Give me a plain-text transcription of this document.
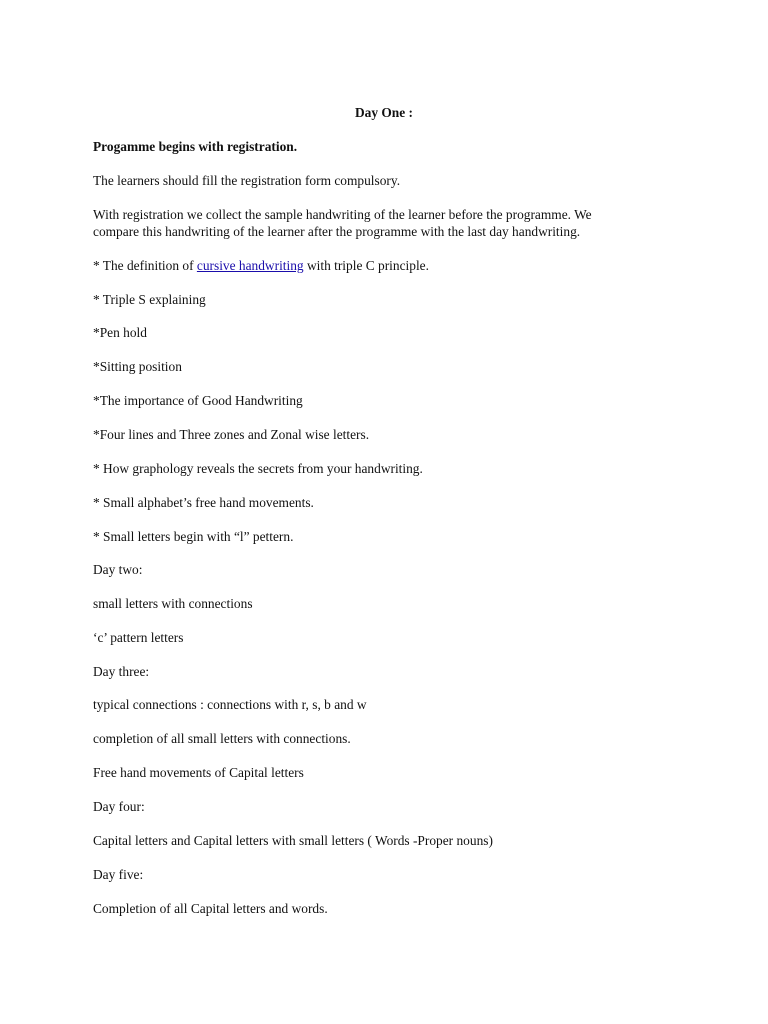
Day One :
Progamme begins with registration.
The learners should fill the registration form compulsory.
With registration we collect the sample handwriting of the learner before the programme. We
compare this handwriting of the learner after the programme with the last day handwriting.
* The definition of cursive handwriting with triple C principle.
* Triple S explaining
*Pen hold
*Sitting position
*The importance of Good Handwriting
*Four lines and Three zones and Zonal wise letters.
* How graphology reveals the secrets from your handwriting.
* Small alphabet’s free hand movements.
* Small letters begin with “l” pettern.
Day two:
small letters with connections
‘c’ pattern letters
Day three:
typical connections : connections with r, s, b and w
completion of all small letters with connections.
Free hand movements of Capital letters
Day four:
Capital letters and Capital letters with small letters ( Words -Proper nouns)
Day five:
Completion of all Capital letters and words.
